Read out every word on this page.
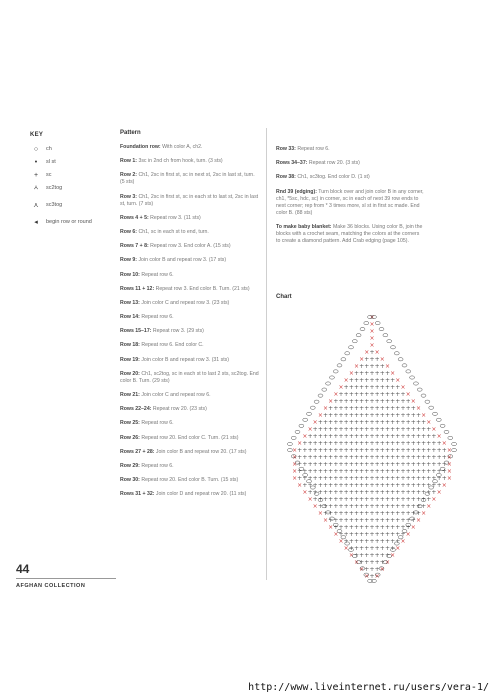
KEY
○	ch
•	sl st
+	sc
⩑	sc2tog
⋏	sc3tog
◂	begin row or round
Pattern
Foundation row: With color A, ch2.
Row 1: 3sc in 2nd ch from hook, turn. (3 sts)
Row 2: Ch1, 2sc in first st, sc in next st, 2sc in last st, turn. (5 sts)
Row 3: Ch1, 2sc in first st, sc in each st to last st, 2sc in last st, turn. (7 sts)
Rows 4 + 5: Repeat row 3. (11 sts)
Row 6: Ch1, sc in each st to end, turn.
Rows 7 + 8: Repeat row 3. End color A. (15 sts)
Row 9: Join color B and repeat row 3. (17 sts)
Row 10: Repeat row 6.
Rows 11 + 12: Repeat row 3. End color B. Turn. (21 sts)
Row 13: Join color C and repeat row 3. (23 sts)
Row 14: Repeat row 6.
Rows 15–17: Repeat row 3. (29 sts)
Row 18: Repeat row 6. End color C.
Row 19: Join color B and repeat row 3. (31 sts)
Row 20: Ch1, sc2tog, sc in each st to last 2 sts, sc2tog. End color B. Turn. (29 sts)
Row 21: Join color C and repeat row 6.
Rows 22–24: Repeat row 20. (23 sts)
Row 25: Repeat row 6.
Row 26: Repeat row 20. End color C. Turn. (21 sts)
Rows 27 + 28: Join color B and repeat row 20. (17 sts)
Row 29: Repeat row 6.
Row 30: Repeat row 20. End color B. Turn. (15 sts)
Rows 31 + 32: Join color D and repeat row 20. (11 sts)
Row 33: Repeat row 6.
Rows 34–37: Repeat row 20. (3 sts)
Row 38: Ch1, sc3tog. End color D. (1 st)
Rnd 39 (edging): Turn block over and join color B in any corner, ch1, *5sc, hdc, sc) in corner, sc in each of next 39 row ends to next corner; rep from * 3 times more, sl st in first sc made. End color B. (88 sts)
To make baby blanket: Make 36 blocks. Using color B, join the blocks with a crochet seam, matching the colors at the corners to create a diamond pattern. Add Crab edging (page 105).
Chart
× + ×
× + + + ×
× + + + + + ×
× + + + + + + + ×
× + + + + + + + + + ×
× + + + + + + + + + + + ×
× + + + + + + + + + + + + + ×
× + + + + + + + + + + + + + + + ×
× + + + + + + + + + + + + + + + + + ×
× + + + + + + + + + + + + + + + + + + + ×
× + + + + + + + + + + + + + + + + + + + + + ×
× + + + + + + + + + + + + + + + + + + + + + + + ×
× + + + + + + + + + + + + + + + + + + + + + + + + + ×
× + + + + + + + + + + + + + + + + + + + + + + + + + + + ×
× + + + + + + + + + + + + + + + + + + + + + + + + + + + + + ×
× + + + + + + + + + + + + + + + + + + + + + + + + + + + + + ×
× + + + + + + + + + + + + + + + + + + + + + + + + + + + + + ×
× + + + + + + + + + + + + + + + + + + + + + + + + + + + + + ×
× + + + + + + + + + + + + + + + + + + + + + + + + + + + + + ×
× + + + + + + + + + + + + + + + + + + + + + + + + + + + ×
× + + + + + + + + + + + + + + + + + + + + + + + + + ×
× + + + + + + + + + + + + + + + + + + + + + + + ×
× + + + + + + + + + + + + + + + + + + + + + ×
× + + + + + + + + + + + + + + + + + + + ×
× + + + + + + + + + + + + + + + + + ×
× + + + + + + + + + + + + + + + ×
× + + + + + + + + + + + + + ×
× + + + + + + + + + + + ×
× + + + + + + + + + ×
× + + + + + + + ×
× + + + + + ×
× + + + ×
× + ×
×
×
×
×
×
44
AFGHAN COLLECTION
http://www.liveinternet.ru/users/vera-1/
